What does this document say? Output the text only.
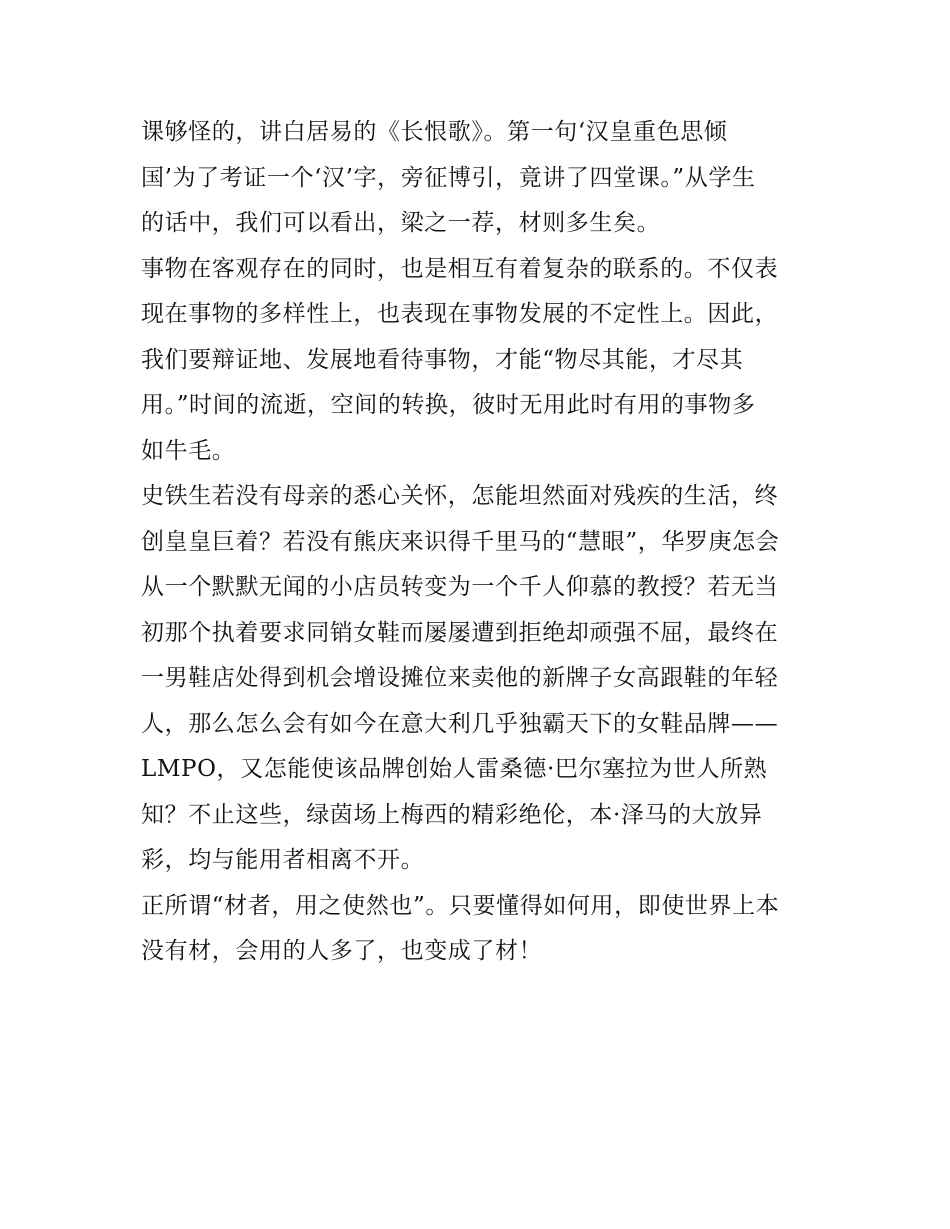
课够怪的，讲白居易的《长恨歌》。第一句‘汉皇重色思倾
国’为了考证一个‘汉’字，旁征博引，竟讲了四堂课。”从学生
的话中，我们可以看出，梁之一荐，材则多生矣。
事物在客观存在的同时，也是相互有着复杂的联系的。不仅表
现在事物的多样性上，也表现在事物发展的不定性上。因此，
我们要辩证地、发展地看待事物，才能“物尽其能，才尽其
用。”时间的流逝，空间的转换，彼时无用此时有用的事物多
如牛毛。
史铁生若没有母亲的悉心关怀，怎能坦然面对残疾的生活，终
创皇皇巨着？若没有熊庆来识得千里马的“慧眼”，华罗庚怎会
从一个默默无闻的小店员转变为一个千人仰慕的教授？若无当
初那个执着要求同销女鞋而屡屡遭到拒绝却顽强不屈，最终在
一男鞋店处得到机会增设摊位来卖他的新牌子女高跟鞋的年轻
人，那么怎么会有如今在意大利几乎独霸天下的女鞋品牌——
LMPO，又怎能使该品牌创始人雷桑德·巴尔塞拉为世人所熟
知？不止这些，绿茵场上梅西的精彩绝伦，本·泽马的大放异
彩，均与能用者相离不开。
正所谓“材者，用之使然也”。只要懂得如何用，即使世界上本
没有材，会用的人多了，也变成了材！
